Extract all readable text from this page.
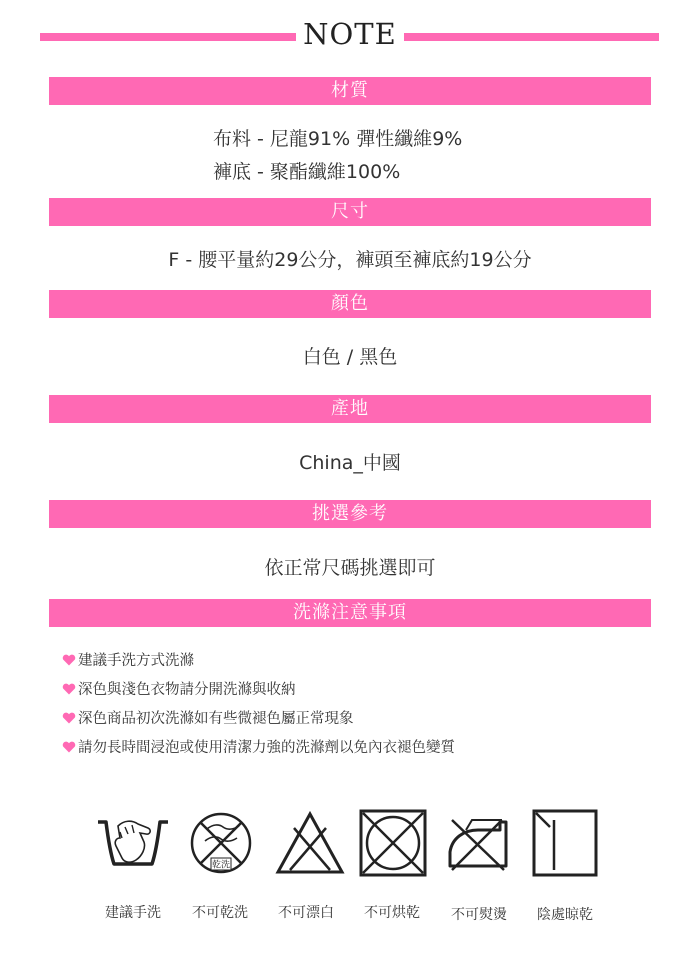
NOTE
材質
布料 - 尼龍91% 彈性纖維9%
褲底 - 聚酯纖維100%
尺寸
F - 腰平量約29公分，褲頭至褲底約19公分
顏色
白色 / 黑色
產地
China_中國
挑選參考
依正常尺碼挑選即可
洗滌注意事項
建議手洗方式洗滌
深色與淺色衣物請分開洗滌與收納
深色商品初次洗滌如有些微褪色屬正常現象
請勿長時間浸泡或使用清潔力強的洗滌劑以免內衣褪色變質
乾洗
建議手洗	不可乾洗	不可漂白	不可烘乾	不可熨燙	陰處晾乾
